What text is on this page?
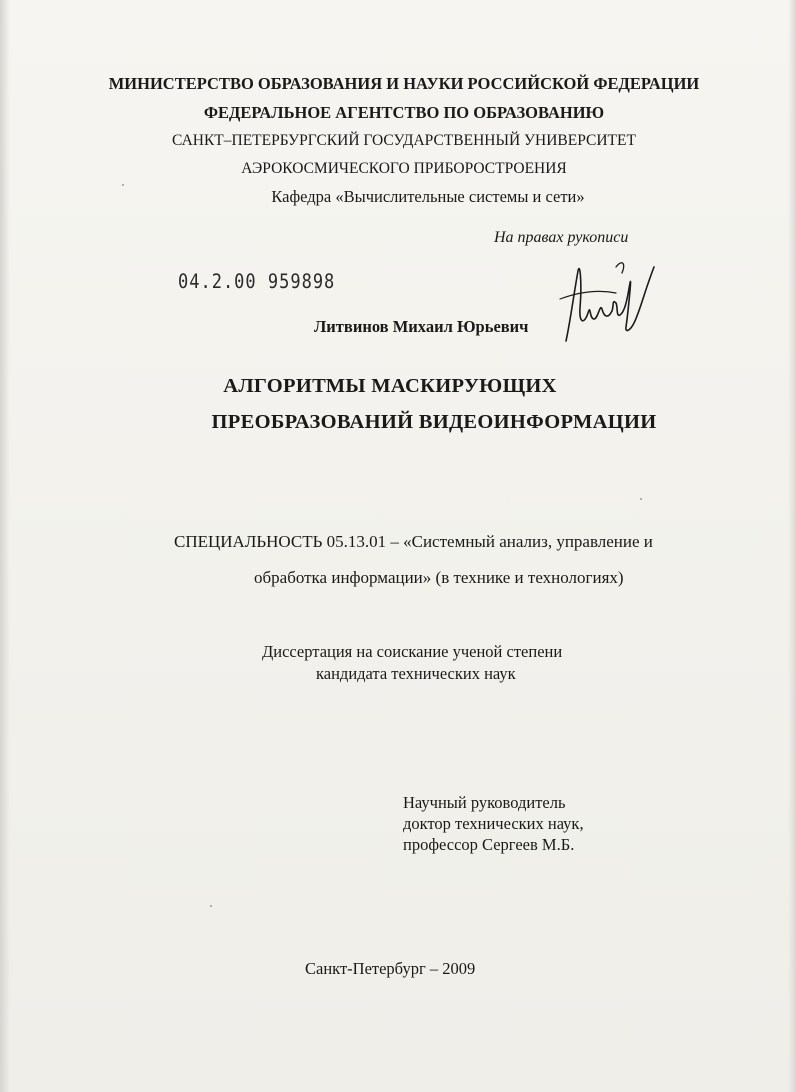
МИНИСТЕРСТВО ОБРАЗОВАНИЯ И НАУКИ РОССИЙСКОЙ ФЕДЕРАЦИИ
ФЕДЕРАЛЬНОЕ АГЕНТСТВО ПО ОБРАЗОВАНИЮ
САНКТ–ПЕТЕРБУРГСКИЙ ГОСУДАРСТВЕННЫЙ УНИВЕРСИТЕТ
АЭРОКОСМИЧЕСКОГО ПРИБОРОСТРОЕНИЯ
Кафедра «Вычислительные системы и сети»
На правах рукописи
04.2.00 959898
Литвинов Михаил Юрьевич
АЛГОРИТМЫ МАСКИРУЮЩИХ
ПРЕОБРАЗОВАНИЙ ВИДЕОИНФОРМАЦИИ
СПЕЦИАЛЬНОСТЬ 05.13.01 – «Системный анализ, управление и
обработка информации» (в технике и технологиях)
Диссертация на соискание ученой степени
кандидата технических наук
Научный руководитель
доктор технических наук,
профессор Сергеев М.Б.
Санкт-Петербург – 2009
